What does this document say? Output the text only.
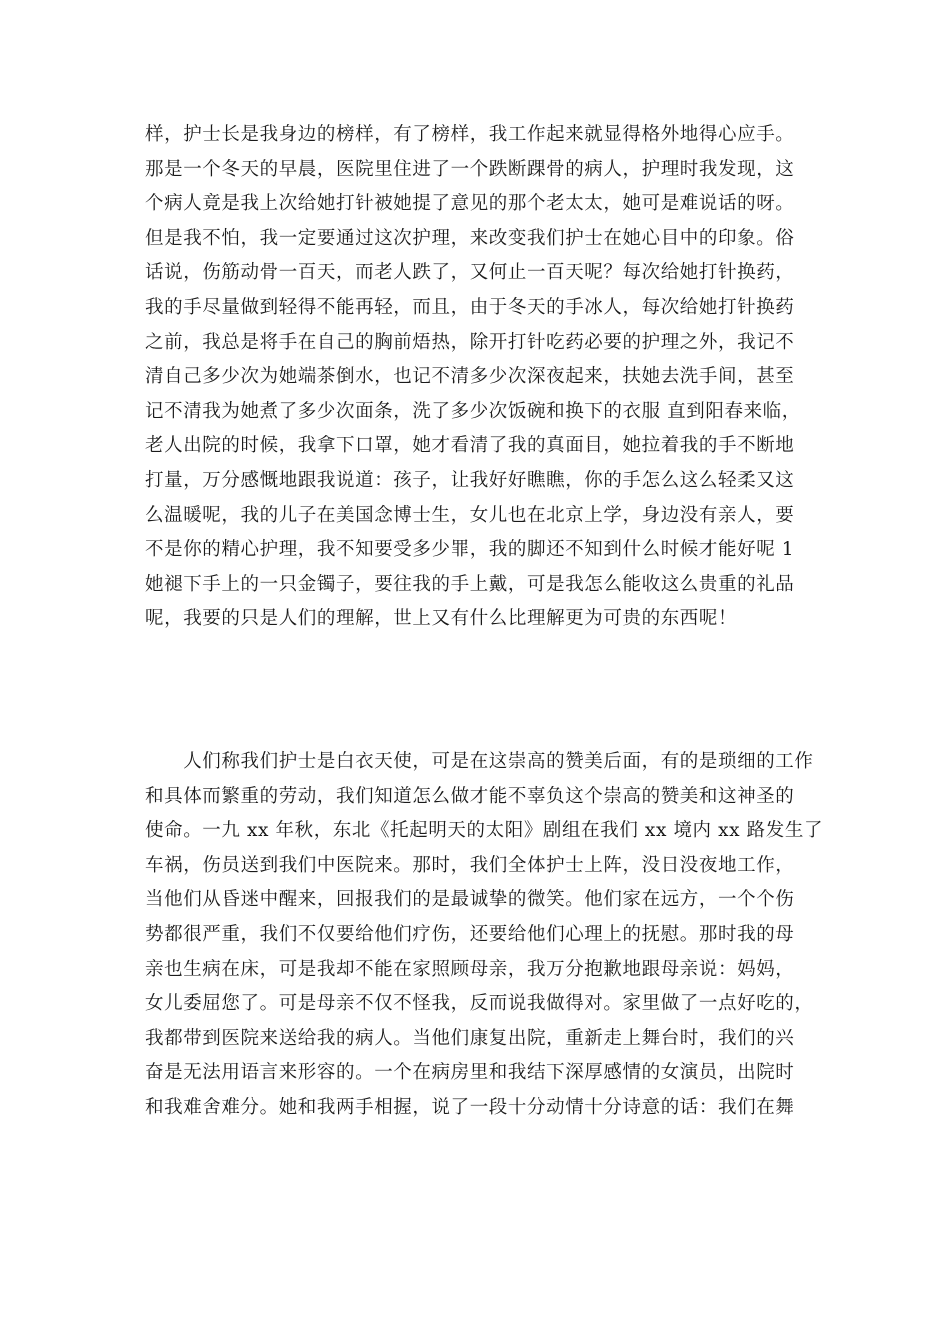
样，护士长是我身边的榜样，有了榜样，我工作起来就显得格外地得心应手。
那是一个冬天的早晨，医院里住进了一个跌断踝骨的病人，护理时我发现，这
个病人竟是我上次给她打针被她提了意见的那个老太太，她可是难说话的呀。
但是我不怕，我一定要通过这次护理，来改变我们护士在她心目中的印象。俗
话说，伤筋动骨一百天，而老人跌了，又何止一百天呢？每次给她打针换药，
我的手尽量做到轻得不能再轻，而且，由于冬天的手冰人，每次给她打针换药
之前，我总是将手在自己的胸前焐热，除开打针吃药必要的护理之外，我记不
清自己多少次为她端茶倒水，也记不清多少次深夜起来，扶她去洗手间，甚至
记不清我为她煮了多少次面条，洗了多少次饭碗和换下的衣服 直到阳春来临，
老人出院的时候，我拿下口罩，她才看清了我的真面目，她拉着我的手不断地
打量，万分感慨地跟我说道：孩子，让我好好瞧瞧，你的手怎么这么轻柔又这
么温暖呢，我的儿子在美国念博士生，女儿也在北京上学，身边没有亲人，要
不是你的精心护理，我不知要受多少罪，我的脚还不知到什么时候才能好呢 1
她褪下手上的一只金镯子，要往我的手上戴，可是我怎么能收这么贵重的礼品
呢，我要的只是人们的理解，世上又有什么比理解更为可贵的东西呢！
　　人们称我们护士是白衣天使，可是在这崇高的赞美后面，有的是琐细的工作
和具体而繁重的劳动，我们知道怎么做才能不辜负这个崇高的赞美和这神圣的
使命。一九 xx 年秋，东北《托起明天的太阳》剧组在我们 xx 境内 xx 路发生了
车祸，伤员送到我们中医院来。那时，我们全体护士上阵，没日没夜地工作，
当他们从昏迷中醒来，回报我们的是最诚挚的微笑。他们家在远方，一个个伤
势都很严重，我们不仅要给他们疗伤，还要给他们心理上的抚慰。那时我的母
亲也生病在床，可是我却不能在家照顾母亲，我万分抱歉地跟母亲说：妈妈，
女儿委屈您了。可是母亲不仅不怪我，反而说我做得对。家里做了一点好吃的，
我都带到医院来送给我的病人。当他们康复出院，重新走上舞台时，我们的兴
奋是无法用语言来形容的。一个在病房里和我结下深厚感情的女演员，出院时
和我难舍难分。她和我两手相握，说了一段十分动情十分诗意的话：我们在舞
